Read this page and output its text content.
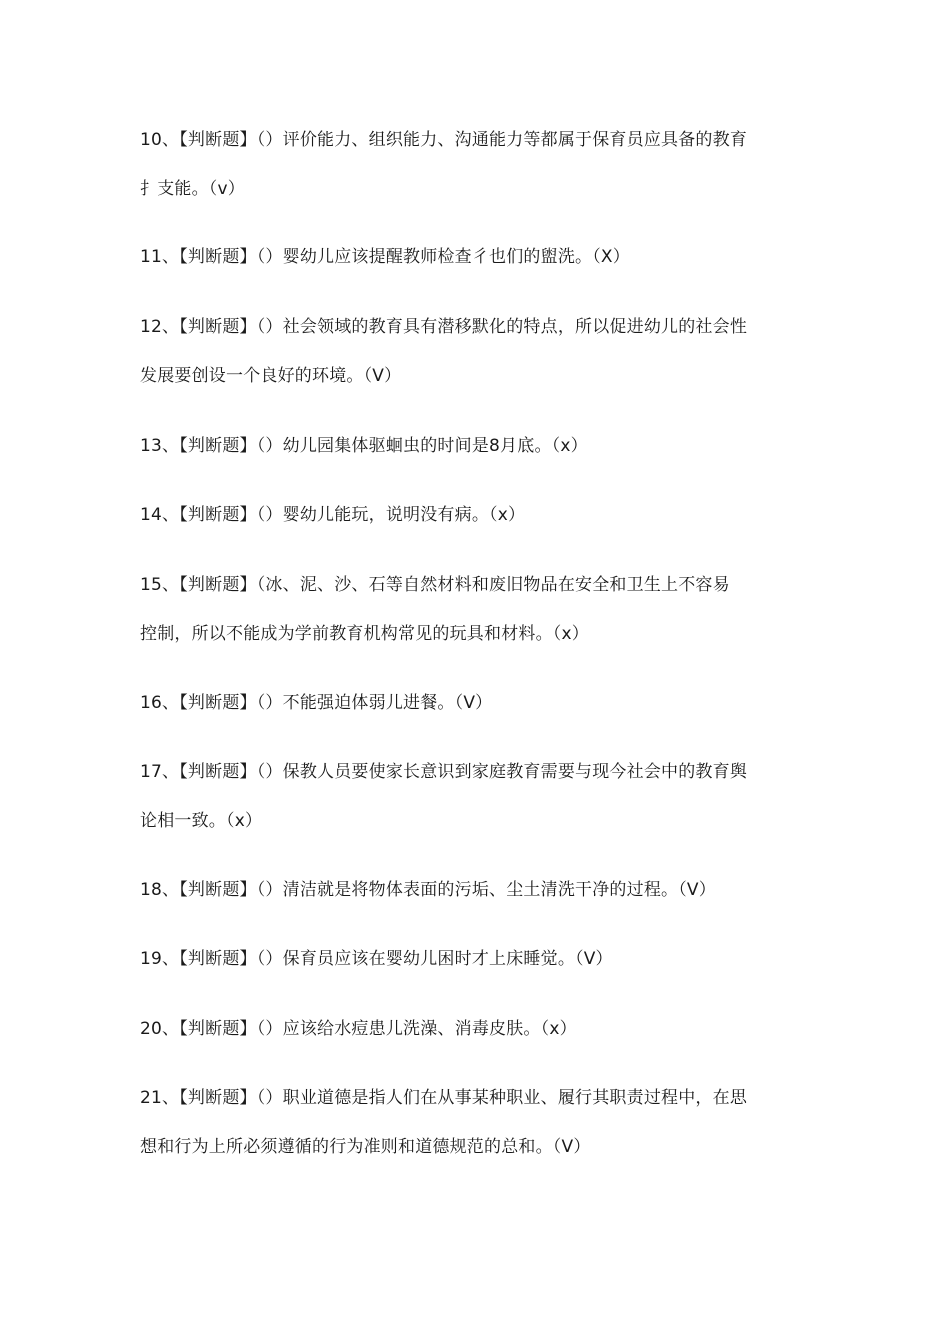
10、【判断题】（）评价能力、组织能力、沟通能力等都属于保育员应具备的教育
扌支能。（v）
11、【判断题】（）婴幼儿应该提醒教师检查彳也们的盥洗。（X）
12、【判断题】（）社会领域的教育具有潜移默化的特点，所以促进幼儿的社会性
发展要创设一个良好的环境。（V）
13、【判断题】（）幼儿园集体驱蛔虫的时间是8月底。（x）
14、【判断题】（）婴幼儿能玩，说明没有病。（x）
15、【判断题】（冰、泥、沙、石等自然材料和废旧物品在安全和卫生上不容易
控制，所以不能成为学前教育机构常见的玩具和材料。（x）
16、【判断题】（）不能强迫体弱儿进餐。（V）
17、【判断题】（）保教人员要使家长意识到家庭教育需要与现今社会中的教育舆
论相一致。（x）
18、【判断题】（）清洁就是将物体表面的污垢、尘土清洗干净的过程。（V）
19、【判断题】（）保育员应该在婴幼儿困时才上床睡觉。（V）
20、【判断题】（）应该给水痘患儿洗澡、消毒皮肤。（x）
21、【判断题】（）职业道德是指人们在从事某种职业、履行其职责过程中，在思
想和行为上所必须遵循的行为准则和道德规范的总和。（V）
